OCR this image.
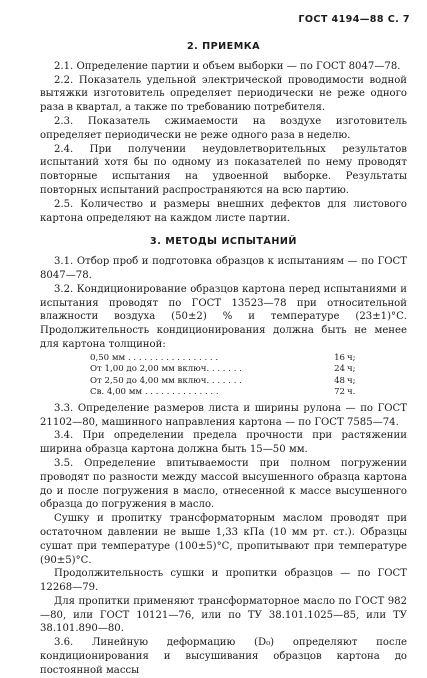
ГОСТ 4194—88 С. 7
2. ПРИЕМКА

2.1. Определение партии и объем выборки — по ГОСТ 8047—78.

2.2. Показатель удельной электрической проводимости водной вытяжки изготовитель определяет периодически не реже одного раза в квартал, а также по требованию потребителя.

2.3. Показатель сжимаемости на воздухе изготовитель определяет периодически не реже одного раза в неделю.

2.4. При получении неудовлетворительных результатов испытаний хотя бы по одному из показателей по нему проводят повторные испытания на удвоенной выборке. Результаты повторных испытаний распространяются на всю партию.

2.5. Количество и размеры внешних дефектов для листового картона определяют на каждом листе партии.

3. МЕТОДЫ ИСПЫТАНИЙ

3.1. Отбор проб и подготовка образцов к испытаниям — по ГОСТ 8047—78.

3.2. Кондиционирование образцов картона перед испытаниями и испытания проводят по ГОСТ 13523—78 при относительной влажности воздуха (50±2) % и температуре (23±1)°С. Продолжительность кондиционирования должна быть не менее для картона толщиной:

0,50 мм . . . . . . . . . . . . . . . . .	16	ч;
От 1,00 до 2,00 мм включ. . . . . . .	24	ч;
От 2,50 до 4,00 мм включ. . . . . . .	48	ч;
Св. 4,00 мм . . . . . . . . . . . . . .	72	ч.

3.3. Определение размеров листа и ширины рулона — по ГОСТ 21102—80, машинного направления картона — по ГОСТ 7585—74.

3.4. При определении предела прочности при растяжении ширина образца картона должна быть 15—50 мм.

3.5. Определение впитываемости при полном погружении проводят по разности между массой высушенного образца картона до и после погружения в масло, отнесенной к массе высушенного образца до погружения в масло.

Сушку и пропитку трансформаторным маслом проводят при остаточном давлении не выше 1,33 кПа (10 мм рт. ст.). Образцы сушат при температуре (100±5)°С, пропитывают при температуре (90±5)°С.

Продолжительность сушки и пропитки образцов — по ГОСТ 12268—79.

Для пропитки применяют трансформаторное масло по ГОСТ 982—80, или ГОСТ 10121—76, или по ТУ 38.101.1025—85, или ТУ 38.101.890—80.

3.6. Линейную деформацию (D₀) определяют после кондиционирования и высушивания образцов картона до постоянной массы
